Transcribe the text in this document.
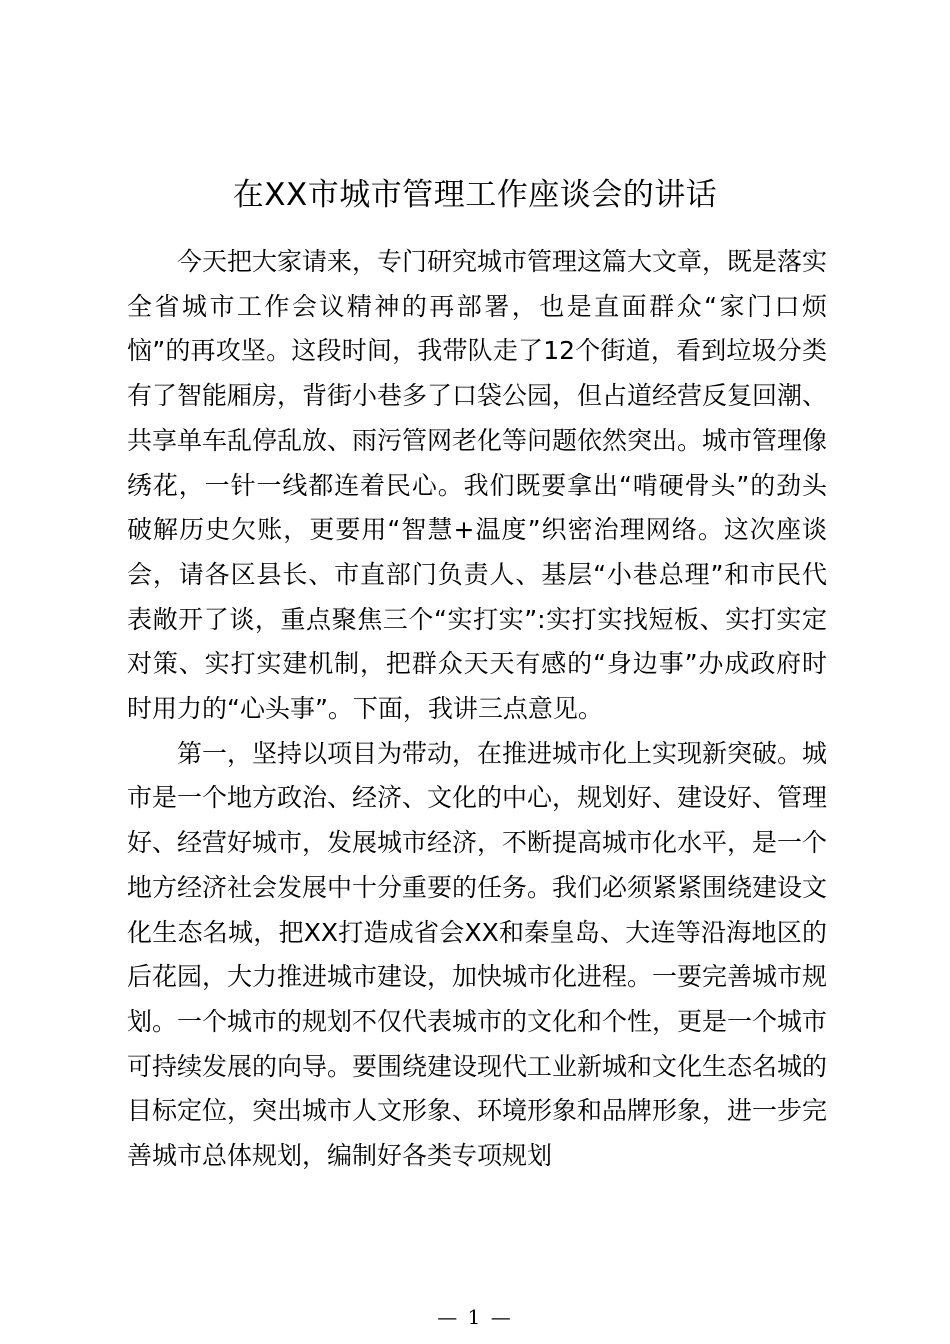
在XX市城市管理工作座谈会的讲话

今天把大家请来，专门研究城市管理这篇大文章，既是落实全省城市工作会议精神的再部署，也是直面群众“家门口烦恼”的再攻坚。这段时间，我带队走了12个街道，看到垃圾分类有了智能厢房，背街小巷多了口袋公园，但占道经营反复回潮、共享单车乱停乱放、雨污管网老化等问题依然突出。城市管理像绣花，一针一线都连着民心。我们既要拿出“啃硬骨头”的劲头破解历史欠账，更要用“智慧+温度”织密治理网络。这次座谈会，请各区县长、市直部门负责人、基层“小巷总理”和市民代表敞开了谈，重点聚焦三个“实打实”:实打实找短板、实打实定对策、实打实建机制，把群众天天有感的“身边事”办成政府时时用力的“心头事”。下面，我讲三点意见。

第一，坚持以项目为带动，在推进城市化上实现新突破。城市是一个地方政治、经济、文化的中心，规划好、建设好、管理好、经营好城市，发展城市经济，不断提高城市化水平，是一个地方经济社会发展中十分重要的任务。我们必须紧紧围绕建设文化生态名城，把XX打造成省会XX和秦皇岛、大连等沿海地区的后花园，大力推进城市建设，加快城市化进程。一要完善城市规划。一个城市的规划不仅代表城市的文化和个性，更是一个城市可持续发展的向导。要围绕建设现代工业新城和文化生态名城的目标定位，突出城市人文形象、环境形象和品牌形象，进一步完善城市总体规划，编制好各类专项规划

— 1 —
